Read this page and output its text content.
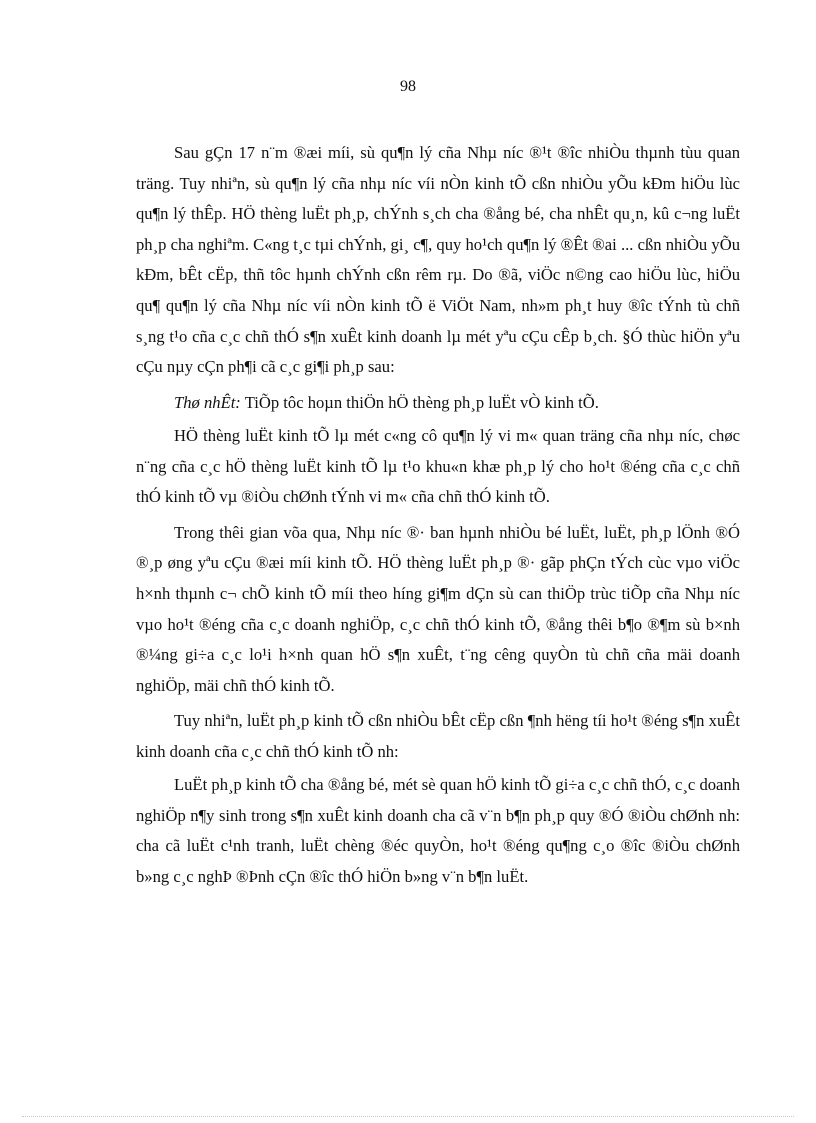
98

Sau gÇn 17 n¨m ®æi míi, sù qu¶n lý cña Nhµ níc ®¹t ®îc nhiÒu thµnh tùu quan träng. Tuy nhiªn, sù qu¶n lý cña nhµ níc víi nÒn kinh tÕ cßn nhiÒu yÕu kÐm hiÖu lùc qu¶n lý thÊp. HÖ thèng luËt ph¸p, chÝnh s¸ch cha ®ång bé, cha nhÊt qu¸n, kû c¬ng luËt ph¸p cha nghiªm. C«ng t¸c tµi chÝnh, gi¸ c¶, quy ho¹ch qu¶n lý ®Êt ®ai ... cßn nhiÒu yÕu kÐm, bÊt cËp, thñ tôc hµnh chÝnh cßn rêm rµ. Do ®ã, viÖc n©ng cao hiÖu lùc, hiÖu qu¶ qu¶n lý cña Nhµ níc víi nÒn kinh tÕ ë ViÖt Nam, nh»m ph¸t huy ®îc tÝnh tù chñ s¸ng t¹o cña c¸c chñ thÓ s¶n xuÊt kinh doanh lµ mét yªu cÇu cÊp b¸ch. §Ó thùc hiÖn yªu cÇu nµy cÇn ph¶i cã c¸c gi¶i ph¸p sau:

Thø nhÊt: TiÕp tôc hoµn thiÖn hÖ thèng ph¸p luËt vÒ kinh tÕ.

HÖ thèng luËt kinh tÕ lµ mét c«ng cô qu¶n lý vi m« quan träng cña nhµ níc, chøc n¨ng cña c¸c hÖ thèng luËt kinh tÕ lµ t¹o khu«n khæ ph¸p lý cho ho¹t ®éng cña c¸c chñ thÓ kinh tÕ vµ ®iÒu chØnh tÝnh vi m« cña chñ thÓ kinh tÕ.

Trong thêi gian võa qua, Nhµ níc ®· ban hµnh nhiÒu bé luËt, luËt, ph¸p lÖnh ®Ó ®¸p øng yªu cÇu ®æi míi kinh tÕ. HÖ thèng luËt ph¸p ®· gãp phÇn tÝch cùc vµo viÖc h×nh thµnh c¬ chÕ kinh tÕ míi theo híng gi¶m dÇn sù can thiÖp trùc tiÕp cña Nhµ níc vµo ho¹t ®éng cña c¸c doanh nghiÖp, c¸c chñ thÓ kinh tÕ, ®ång thêi b¶o ®¶m sù b×nh ®¼ng gi÷a c¸c lo¹i h×nh quan hÖ s¶n xuÊt, t¨ng cêng quyÒn tù chñ cña mäi doanh nghiÖp, mäi chñ thÓ kinh tÕ.

Tuy nhiªn, luËt ph¸p kinh tÕ cßn nhiÒu bÊt cËp cßn ¶nh hëng tíi ho¹t ®éng s¶n xuÊt kinh doanh cña c¸c chñ thÓ kinh tÕ nh:

LuËt ph¸p kinh tÕ cha ®ång bé, mét sè quan hÖ kinh tÕ gi÷a c¸c chñ thÓ, c¸c doanh nghiÖp n¶y sinh trong s¶n xuÊt kinh doanh cha cã v¨n b¶n ph¸p quy ®Ó ®iÒu chØnh nh: cha cã luËt c¹nh tranh, luËt chèng ®éc quyÒn, ho¹t ®éng qu¶ng c¸o ®îc ®iÒu chØnh b»ng c¸c nghÞ ®Þnh cÇn ®îc thÓ hiÖn b»ng v¨n b¶n luËt.
